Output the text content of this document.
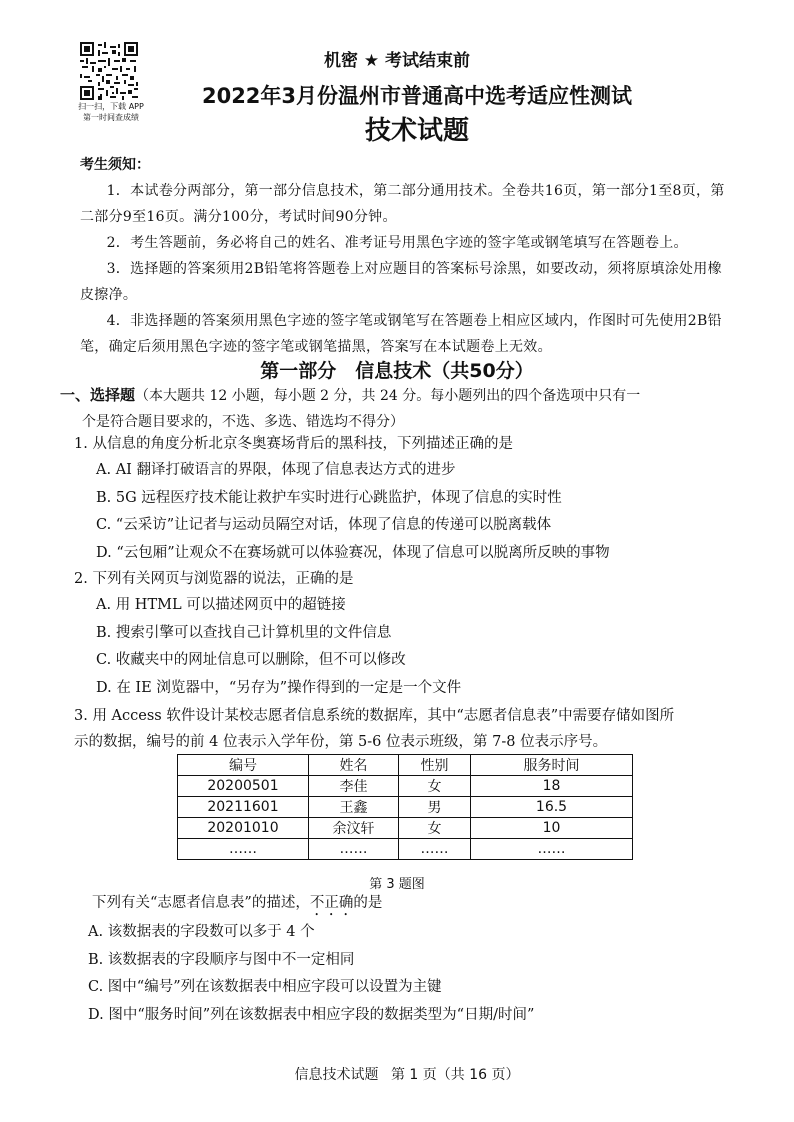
扫一扫，下载 APP
第一时间查成绩
机密 ★ 考试结束前
2022年3月份温州市普通高中选考适应性测试
技术试题
考生须知：

1．本试卷分两部分，第一部分信息技术，第二部分通用技术。全卷共16页，第一部分1至8页，第二部分9至16页。满分100分，考试时间90分钟。

2．考生答题前，务必将自己的姓名、准考证号用黑色字迹的签字笔或钢笔填写在答题卷上。

3．选择题的答案须用2B铅笔将答题卷上对应题目的答案标号涂黑，如要改动，须将原填涂处用橡皮擦净。

4．非选择题的答案须用黑色字迹的签字笔或钢笔写在答题卷上相应区域内，作图时可先使用2B铅笔，确定后须用黑色字迹的签字笔或钢笔描黑，答案写在本试题卷上无效。

第一部分　信息技术（共50分）
一、选择题（本大题共 12 小题，每小题 2 分，共 24 分。每小题列出的四个备选项中只有一
个是符合题目要求的，不选、多选、错选均不得分）
1. 从信息的角度分析北京冬奥赛场背后的黑科技，下列描述正确的是
A. AI 翻译打破语言的界限，体现了信息表达方式的进步
B. 5G 远程医疗技术能让救护车实时进行心跳监护，体现了信息的实时性
C. “云采访”让记者与运动员隔空对话，体现了信息的传递可以脱离载体
D. “云包厢”让观众不在赛场就可以体验赛况，体现了信息可以脱离所反映的事物
2. 下列有关网页与浏览器的说法，正确的是
A. 用 HTML 可以描述网页中的超链接
B. 搜索引擎可以查找自己计算机里的文件信息
C. 收藏夹中的网址信息可以删除，但不可以修改
D. 在 IE 浏览器中，“另存为”操作得到的一定是一个文件
3. 用 Access 软件设计某校志愿者信息系统的数据库，其中“志愿者信息表”中需要存储如图所
示的数据，编号的前 4 位表示入学年份，第 5-6 位表示班级，第 7-8 位表示序号。
编号	姓名	性别	服务时间
20200501	李佳	女	18
20211601	王鑫	男	16.5
20201010	余汶轩	女	10
……	……	……	……
第 3 题图
下列有关“志愿者信息表”的描述，不正确的是
A. 该数据表的字段数可以多于 4 个
B. 该数据表的字段顺序与图中不一定相同
C. 图中“编号”列在该数据表中相应字段可以设置为主键
D. 图中“服务时间”列在该数据表中相应字段的数据类型为“日期/时间”
信息技术试题 第 1 页（共 16 页）
